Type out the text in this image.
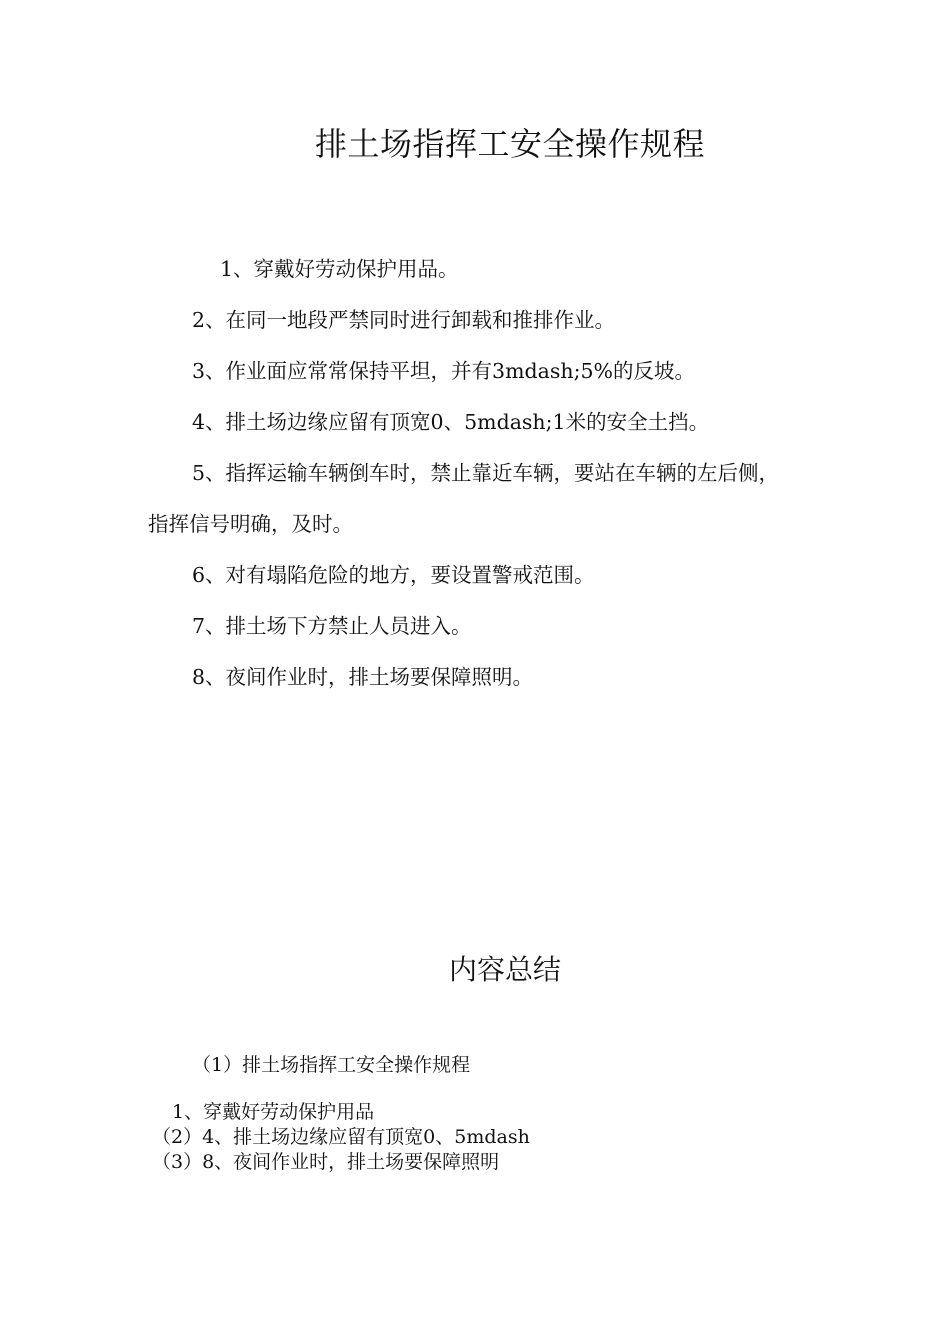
排土场指挥工安全操作规程

1、穿戴好劳动保护用品。

2、在同一地段严禁同时进行卸载和推排作业。

3、作业面应常常保持平坦，并有3mdash;5%的反坡。

4、排土场边缘应留有顶宽0、5mdash;1米的安全土挡。

5、指挥运输车辆倒车时，禁止靠近车辆，要站在车辆的左后侧，指挥信号明确，及时。

6、对有塌陷危险的地方，要设置警戒范围。

7、排土场下方禁止人员进入。

8、夜间作业时，排土场要保障照明。

内容总结

（1）排土场指挥工安全操作规程

1、穿戴好劳动保护用品

（2）4、排土场边缘应留有顶宽0、5mdash

（3）8、夜间作业时，排土场要保障照明
